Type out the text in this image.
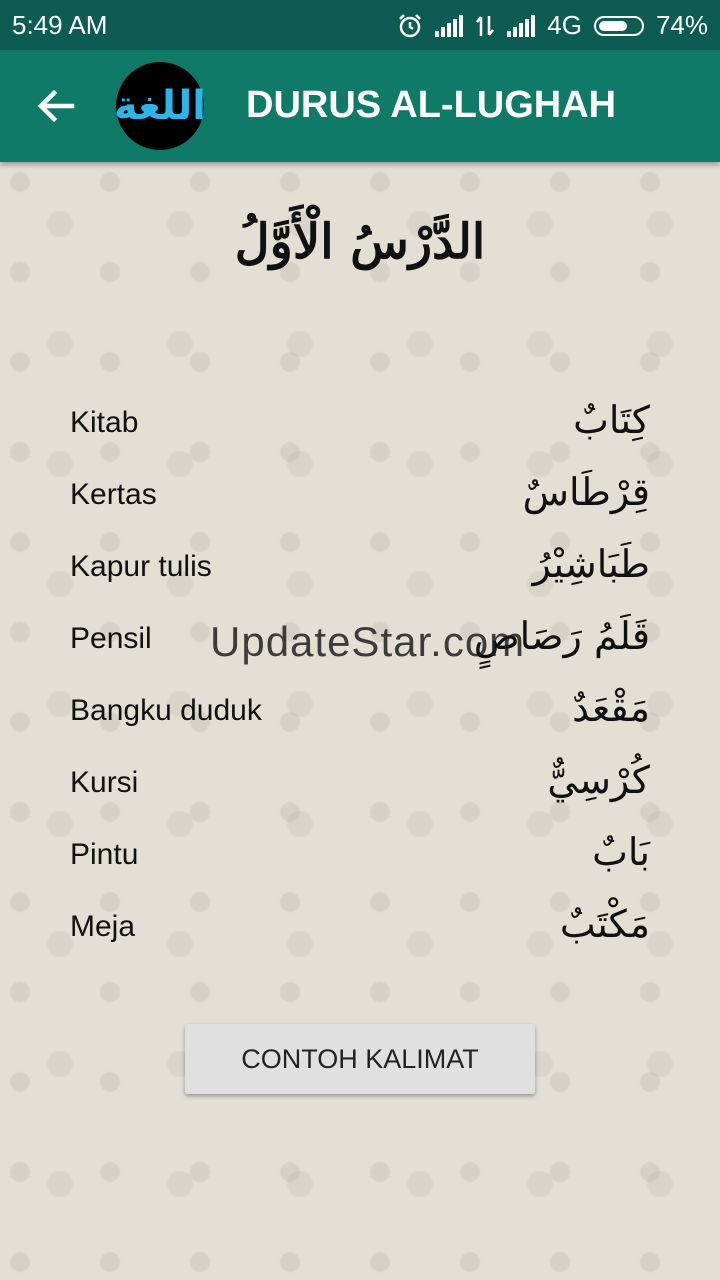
5:49 AM	4G	74%
اللغة DURUS AL-LUGHAH
الدَّرْسُ الْأَوَّلُ
Kitab	كِتَابٌ
Kertas	قِرْطَاسٌ
Kapur tulis	طَبَاشِيْرُ
Pensil	قَلَمُ رَصَاصٍ
Bangku duduk	مَقْعَدٌ
Kursi	كُرْسِيٌّ
Pintu	بَابٌ
Meja	مَكْتَبٌ
UpdateStar.com
CONTOH KALIMAT
